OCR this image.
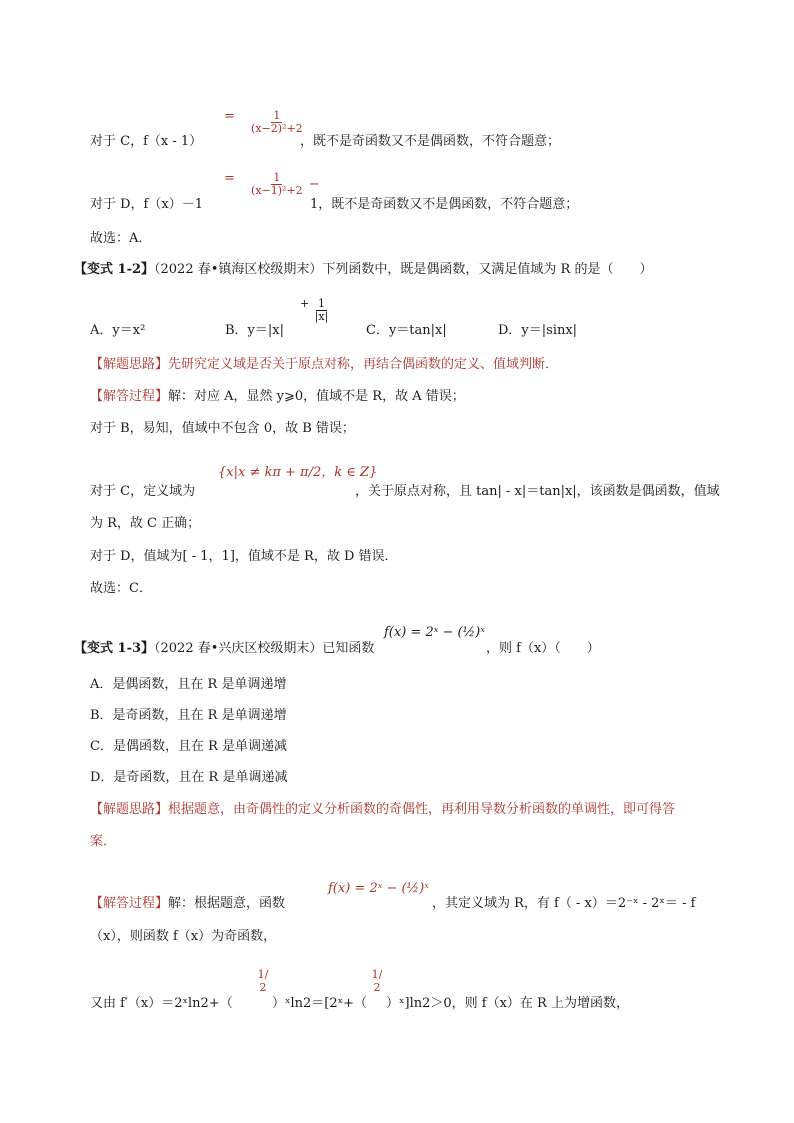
对于 C，f（x - 1）
= $\frac{1}{\text{(x−2)²+2}}$
，既不是奇函数又不是偶函数，不符合题意；
对于 D，f（x）－1
= $\frac{1}{\text{(x−1)²+2}}$ −
1，既不是奇函数又不是偶函数，不符合题意；
故选：A．
【变式 1-2】（2022 春•镇海区校级期末）下列函数中，既是偶函数，又满足值域为 R 的是（　　）
+ $\frac{1}{|x|}$
A．y＝x²	B．y＝|x|	C．y＝tan|x|	D．y＝|sinx|
【解题思路】先研究定义域是否关于原点对称，再结合偶函数的定义、值域判断．
【解答过程】解：对应 A，显然 y⩾0，值域不是 R，故 A 错误；
对于 B，易知，值域中不包含 0，故 B 错误；
{x|x ≠ kπ + π/2，k ∈ Z}
对于 C，定义域为	，关于原点对称，且 tan| - x|＝tan|x|，该函数是偶函数，值域
为 R，故 C 正确；
对于 D，值域为[ - 1，1]，值域不是 R，故 D 错误．
故选：C．
f(x) = 2ˣ − (½)ˣ
【变式 1-3】（2022 春•兴庆区校级期末）已知函数	，则 f（x）（　　）
A．是偶函数，且在 R 是单调递增
B．是奇函数，且在 R 是单调递增
C．是偶函数，且在 R 是单调递减
D．是奇函数，且在 R 是单调递减
【解题思路】根据题意，由奇偶性的定义分析函数的奇偶性，再利用导数分析函数的单调性，即可得答
案．
f(x) = 2ˣ − (½)ˣ
【解答过程】解：根据题意，函数	，其定义域为 R，有 f（ - x）＝2⁻ˣ - 2ˣ＝ - f
（x），则函数 f（x）为奇函数，
1/2
1/2
又由 f′（x）＝2ˣln2+（	）ˣln2＝[2ˣ+（ ）ˣ]ln2＞0，则 f（x）在 R 上为增函数，
